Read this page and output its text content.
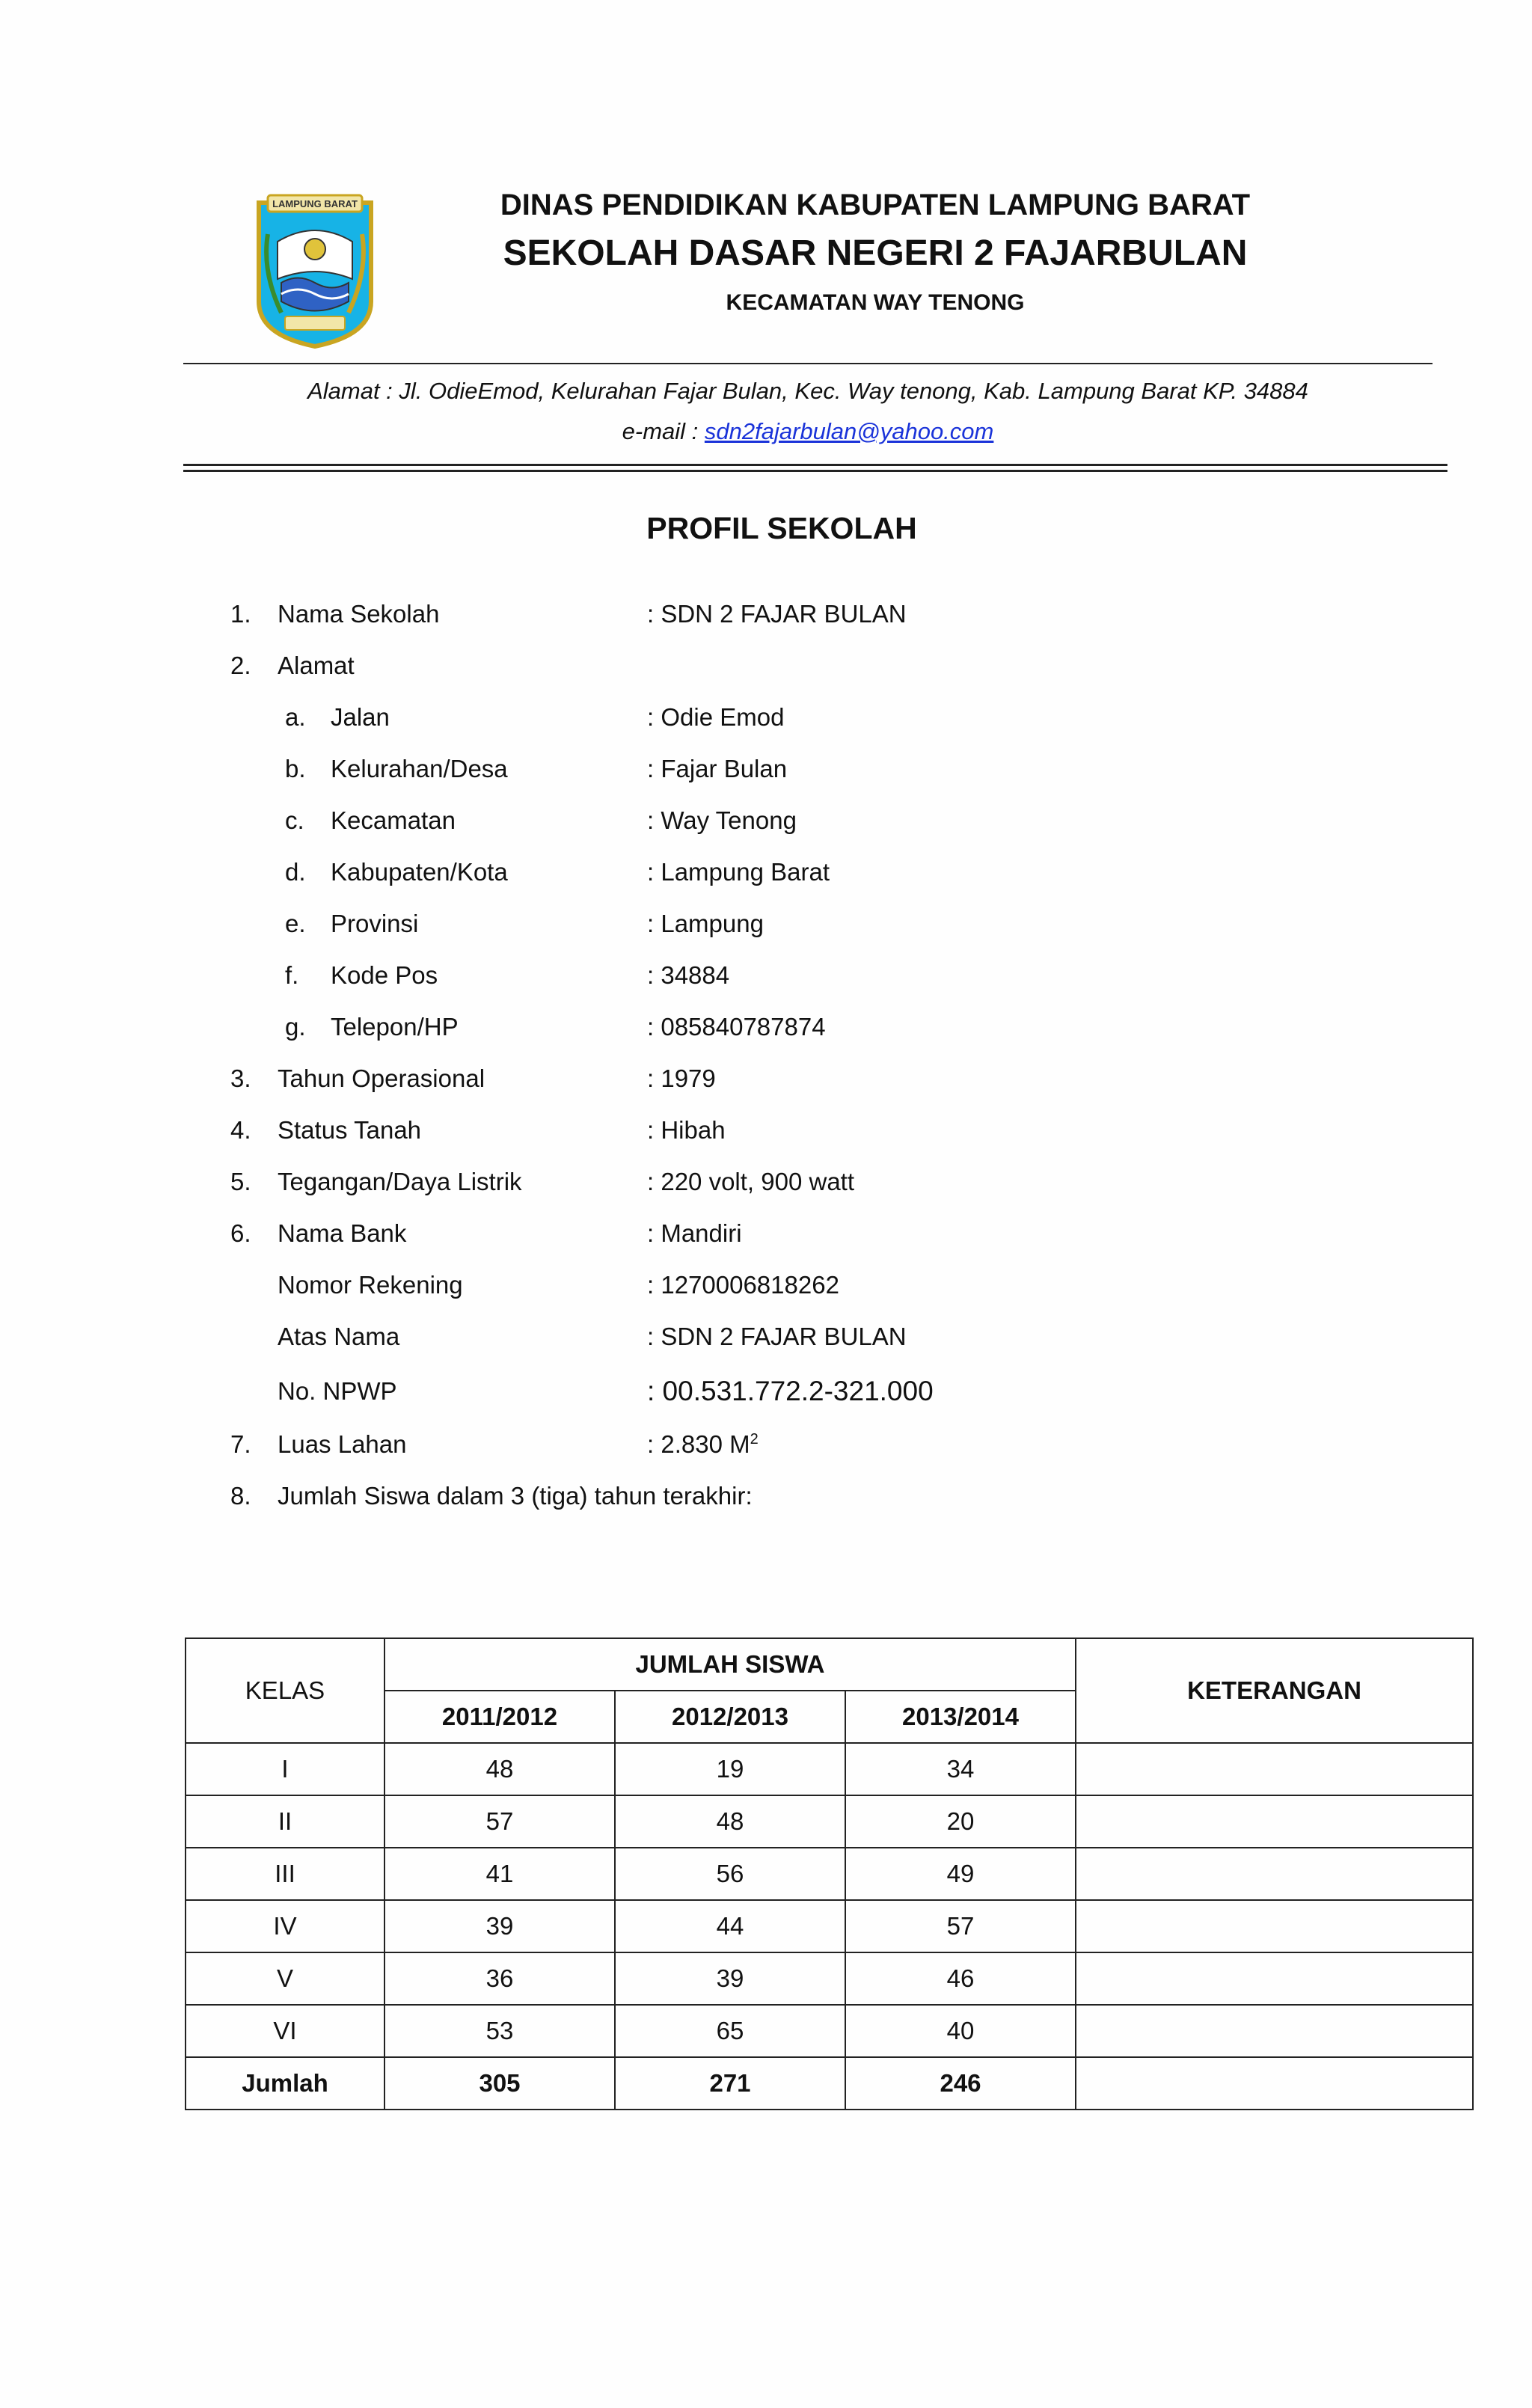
LAMPUNG BARAT	DINAS PENDIDIKAN KABUPATEN LAMPUNG BARAT
SEKOLAH DASAR NEGERI 2 FAJARBULAN
KECAMATAN WAY TENONG
Alamat : Jl. OdieEmod, Kelurahan Fajar Bulan, Kec. Way tenong, Kab. Lampung Barat KP. 34884
e-mail : sdn2fajarbulan@yahoo.com
PROFIL SEKOLAH
1. Nama Sekolah	: SDN 2 FAJAR BULAN
2. Alamat
a. Jalan	: Odie Emod
b. Kelurahan/Desa	: Fajar Bulan
c. Kecamatan	: Way Tenong
d. Kabupaten/Kota	: Lampung Barat
e. Provinsi	: Lampung
f. Kode Pos	: 34884
g. Telepon/HP	: 085840787874
3. Tahun Operasional	: 1979
4. Status Tanah	: Hibah
5. Tegangan/Daya Listrik	: 220 volt, 900 watt
6. Nama Bank	: Mandiri
Nomor Rekening	: 1270006818262
Atas Nama	: SDN 2 FAJAR BULAN
No. NPWP	: 00.531.772.2-321.000
7. Luas Lahan	: 2.830 $M^2$
8. Jumlah Siswa dalam 3 (tiga) tahun terakhir:
KELAS	JUMLAH SISWA			KETERANGAN
	2011/2012	2012/2013	2013/2014	
I	48	19	34	
II	57	48	20	
III	41	56	49	
IV	39	44	57	
V	36	39	46	
VI	53	65	40	
Jumlah	305	271	246	
